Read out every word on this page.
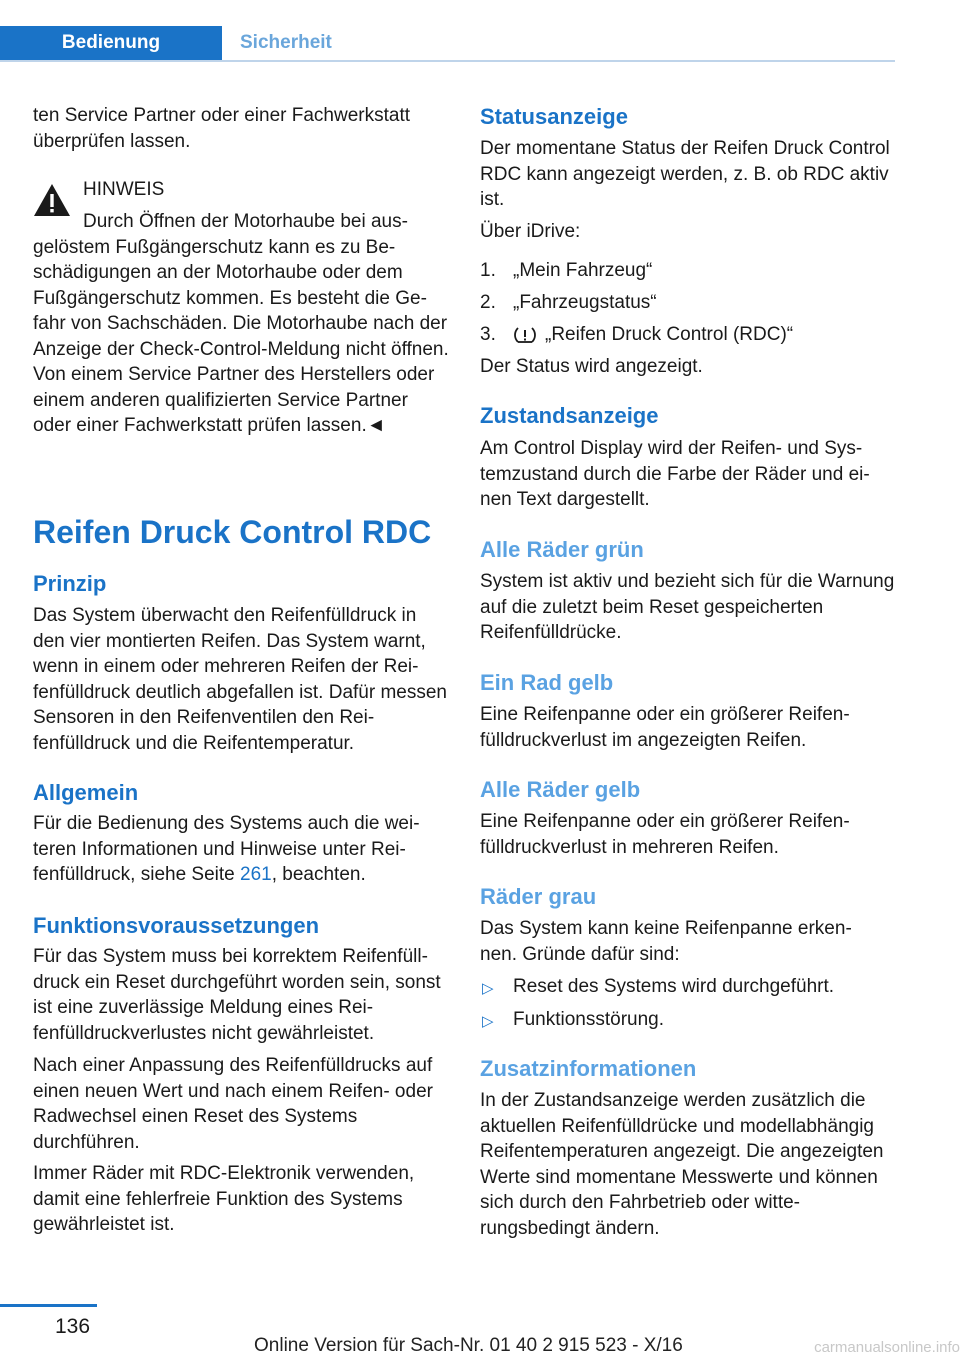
Bedienung	Sicherheit

ten Service Partner oder einer Fachwerkstatt überprüfen lassen.

HINWEIS

Durch Öffnen der Motorhaube bei ausgelöstem Fußgängerschutz kann es zu Beschädigungen an der Motorhaube oder dem Fußgängerschutz kommen. Es besteht die Gefahr von Sachschäden. Die Motorhaube nach der Anzeige der Check-Control-Meldung nicht öffnen. Von einem Service Partner des Herstellers oder einem anderen qualifizierten Service Partner oder einer Fachwerkstatt prüfen lassen.◄

Reifen Druck Control RDC

Prinzip

Das System überwacht den Reifenfülldruck in den vier montierten Reifen. Das System warnt, wenn in einem oder mehreren Reifen der Reifenfülldruck deutlich abgefallen ist. Dafür messen Sensoren in den Reifenventilen den Reifenfülldruck und die Reifentemperatur.

Allgemein

Für die Bedienung des Systems auch die weiteren Informationen und Hinweise unter Reifenfülldruck, siehe Seite 261, beachten.

Funktionsvoraussetzungen

Für das System muss bei korrektem Reifenfülldruck ein Reset durchgeführt worden sein, sonst ist eine zuverlässige Meldung eines Reifenfülldruckverlustes nicht gewährleistet.

Nach einer Anpassung des Reifenfülldrucks auf einen neuen Wert und nach einem Reifen- oder Radwechsel einen Reset des Systems durchführen.

Immer Räder mit RDC-Elektronik verwenden, damit eine fehlerfreie Funktion des Systems gewährleistet ist.

Statusanzeige

Der momentane Status der Reifen Druck Control RDC kann angezeigt werden, z. B. ob RDC aktiv ist.

Über iDrive:

1. „Mein Fahrzeug“

2. „Fahrzeugstatus“

3.	„Reifen Druck Control (RDC)“

Der Status wird angezeigt.

Zustandsanzeige

Am Control Display wird der Reifen- und Systemzustand durch die Farbe der Räder und einen Text dargestellt.

Alle Räder grün

System ist aktiv und bezieht sich für die Warnung auf die zuletzt beim Reset gespeicherten Reifenfülldrücke.

Ein Rad gelb

Eine Reifenpanne oder ein größerer Reifenfülldruckverlust im angezeigten Reifen.

Alle Räder gelb

Eine Reifenpanne oder ein größerer Reifenfülldruckverlust in mehreren Reifen.

Räder grau

Das System kann keine Reifenpanne erkennen. Gründe dafür sind:

▷ Reset des Systems wird durchgeführt.

▷ Funktionsstörung.

Zusatzinformationen

In der Zustandsanzeige werden zusätzlich die aktuellen Reifenfülldrücke und modellabhängig Reifentemperaturen angezeigt. Die angezeigten Werte sind momentane Messwerte und können sich durch den Fahrbetrieb oder witterungsbedingt ändern.

136
Online Version für Sach-Nr. 01 40 2 915 523 - X/16	carmanualsonline.info
